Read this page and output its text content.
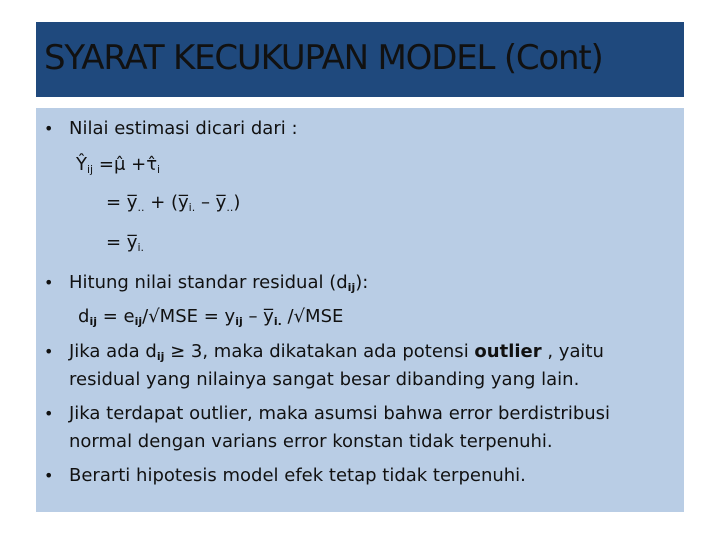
SYARAT KECUKUPAN MODEL (Cont)
• Nilai estimasi dicari dari :
$Ŷ_{ij}$ =μ̂ $+\taû_i$
= $y̅_{..}$ + ($y̅_{i.}$ – $y̅_{..}$)
= $y̅_{i.}$
• Hitung nilai standar residual $(d_{ij})$:
$d_{ij} = e_{ij}/√MSE = y_{ij}$ – $y̅_{i.}$ /√MSE
• Jika ada $d_{ij} \ge 3$, maka dikatakan ada potensi outlier , yaitu
residual yang nilainya sangat besar dibanding yang lain.
• Jika terdapat outlier, maka asumsi bahwa error berdistribusi
normal dengan varians error konstan tidak terpenuhi.
• Berarti hipotesis model efek tetap tidak terpenuhi.
